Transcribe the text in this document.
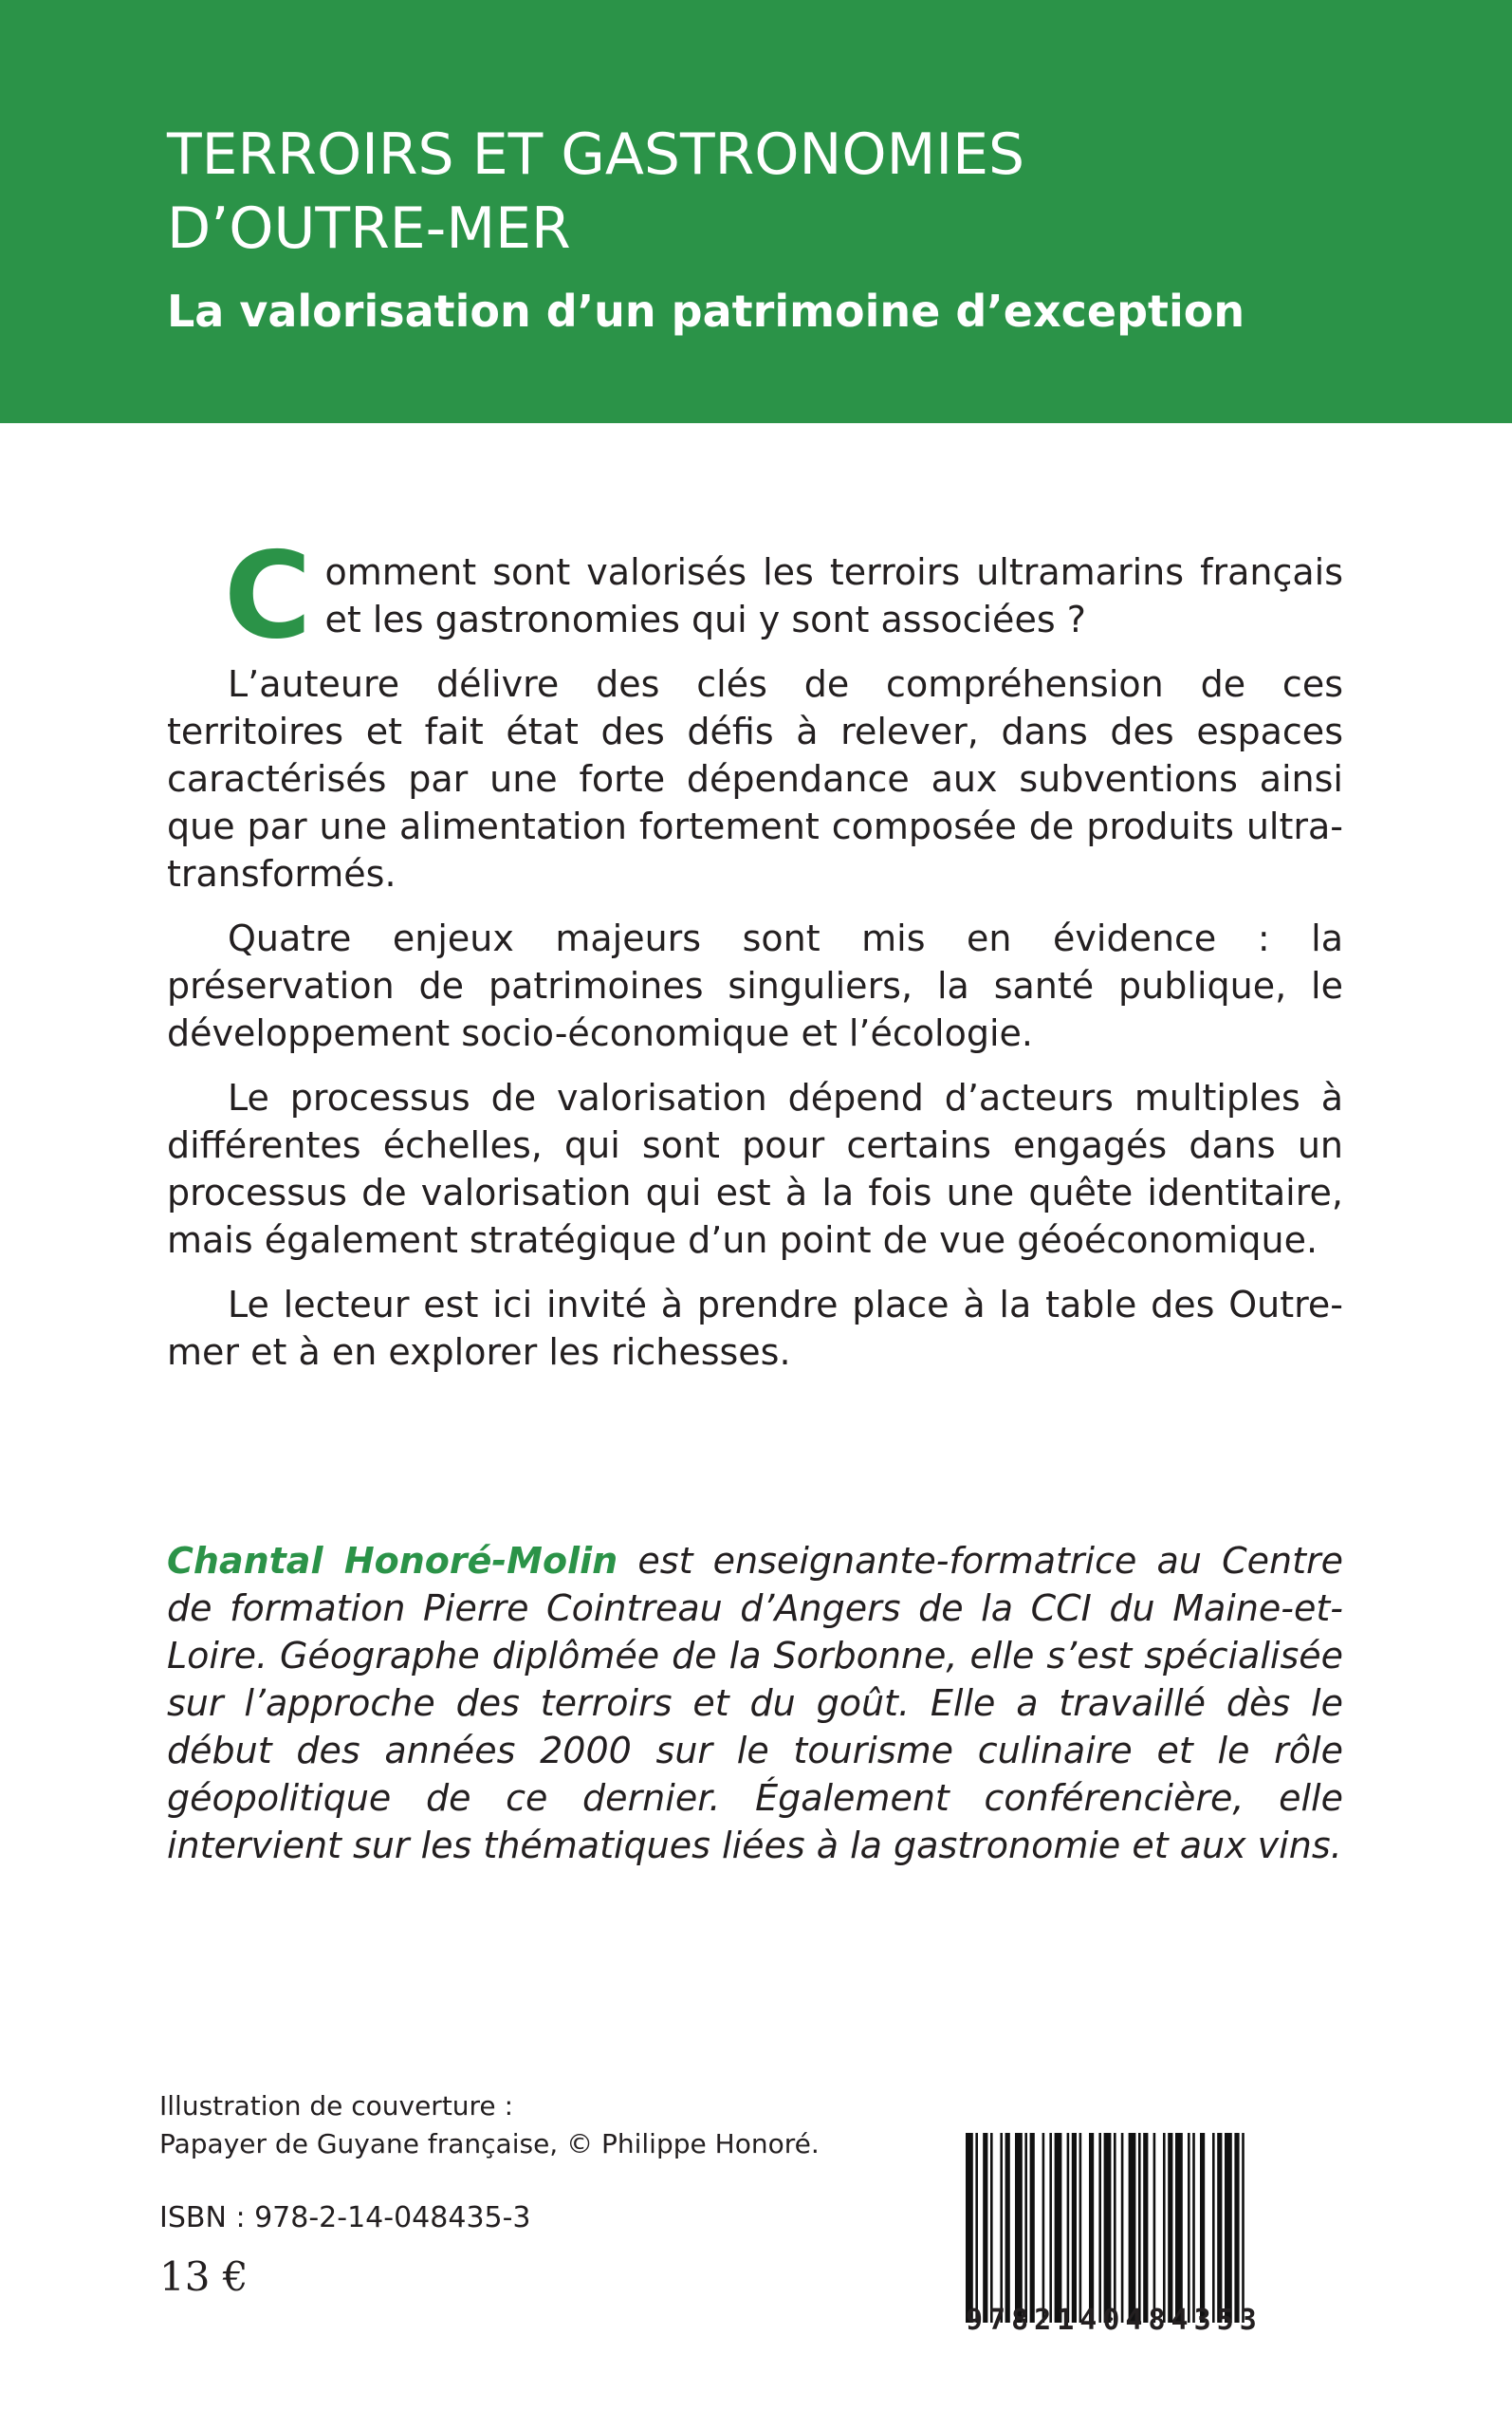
TERROIRS ET GASTRONOMIES
D’OUTRE-MER
La valorisation d’un patrimoine d’exception

Comment sont valorisés les terroirs ultramarins français et les gastronomies qui y sont associées ?

L’auteure délivre des clés de compréhension de ces territoires et fait état des défis à relever, dans des espaces caractérisés par une forte dépendance aux subventions ainsi que par une alimentation fortement composée de produits ultra-transformés.

Quatre enjeux majeurs sont mis en évidence : la préservation de patrimoines singuliers, la santé publique, le développement socio-économique et l’écologie.

Le processus de valorisation dépend d’acteurs multiples à différentes échelles, qui sont pour certains engagés dans un processus de valorisation qui est à la fois une quête identitaire, mais également stratégique d’un point de vue géoéconomique.

Le lecteur est ici invité à prendre place à la table des Outre-mer et à en explorer les richesses.

Chantal Honoré-Molin est enseignante-formatrice au Centre de formation Pierre Cointreau d’Angers de la CCI du Maine-et-Loire. Géographe diplômée de la Sorbonne, elle s’est spécialisée sur l’approche des terroirs et du goût. Elle a travaillé dès le début des années 2000 sur le tourisme culinaire et le rôle géopolitique de ce dernier. Également conférencière, elle intervient sur les thématiques liées à la gastronomie et aux vins.
Illustration de couverture :
Papayer de Guyane française, © Philippe Honoré.
ISBN : 978-2-14-048435-3
13 €
9782140484353
